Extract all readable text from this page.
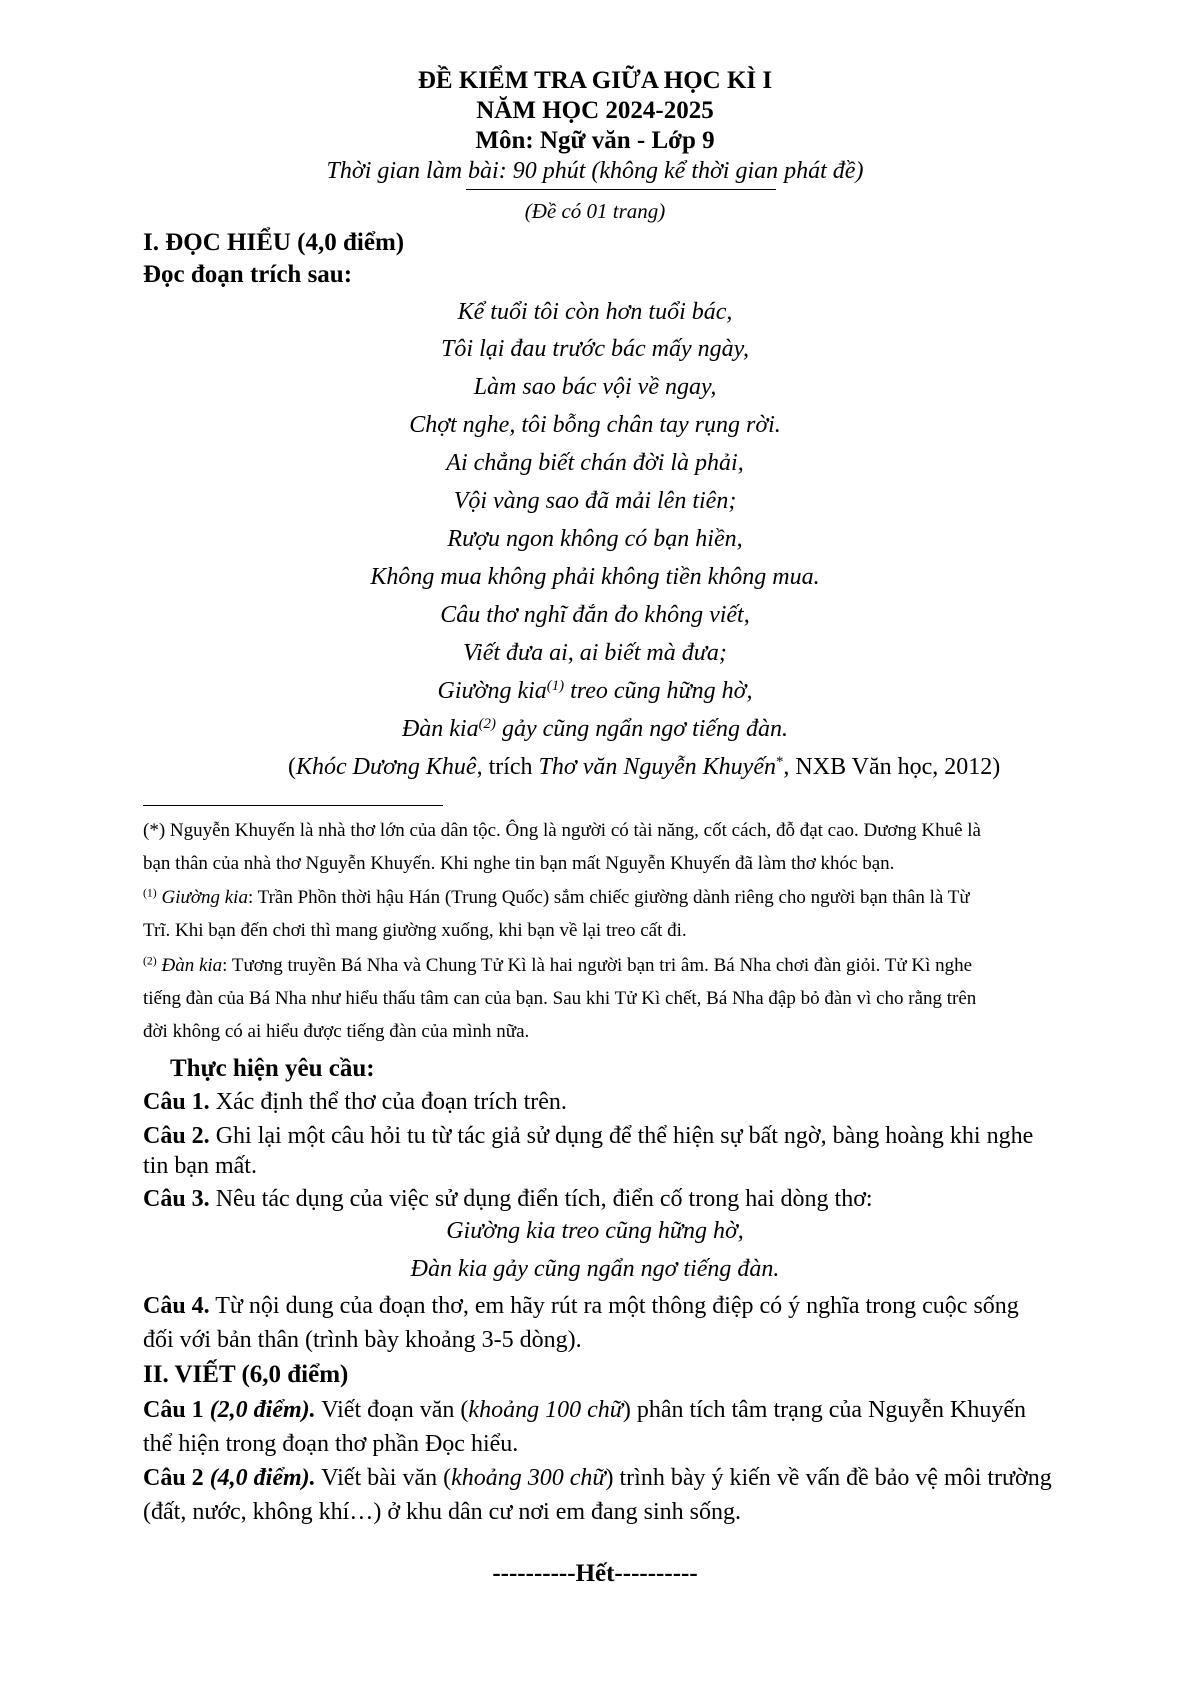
ĐỀ KIỂM TRA GIỮA HỌC KÌ I
NĂM HỌC 2024-2025
Môn: Ngữ văn - Lớp 9
Thời gian làm bài: 90 phút (không kể thời gian phát đề)
(Đề có 01 trang)
I. ĐỌC HIỂU (4,0 điểm)
Đọc đoạn trích sau:
Kể tuổi tôi còn hơn tuổi bác,
Tôi lại đau trước bác mấy ngày,
Làm sao bác vội về ngay,
Chợt nghe, tôi bỗng chân tay rụng rời.
Ai chẳng biết chán đời là phải,
Vội vàng sao đã mải lên tiên;
Rượu ngon không có bạn hiền,
Không mua không phải không tiền không mua.
Câu thơ nghĩ đắn đo không viết,
Viết đưa ai, ai biết mà đưa;
Giường kia$^{(1)}$ treo cũng hững hờ,
Đàn kia$^{(2)}$ gảy cũng ngẩn ngơ tiếng đàn.
(Khóc Dương Khuê, trích Thơ văn Nguyễn Khuyến*, NXB Văn học, 2012)
(*) Nguyễn Khuyến là nhà thơ lớn của dân tộc. Ông là người có tài năng, cốt cách, đỗ đạt cao. Dương Khuê là
bạn thân của nhà thơ Nguyễn Khuyến. Khi nghe tin bạn mất Nguyễn Khuyến đã làm thơ khóc bạn.
$^{(1)}$ Giường kia: Trần Phồn thời hậu Hán (Trung Quốc) sắm chiếc giường dành riêng cho người bạn thân là Từ
Trĩ. Khi bạn đến chơi thì mang giường xuống, khi bạn về lại treo cất đi.
$^{(2)}$ Đàn kia: Tương truyền Bá Nha và Chung Tử Kì là hai người bạn tri âm. Bá Nha chơi đàn giỏi. Tử Kì nghe
tiếng đàn của Bá Nha như hiểu thấu tâm can của bạn. Sau khi Tử Kì chết, Bá Nha đập bỏ đàn vì cho rằng trên
đời không có ai hiểu được tiếng đàn của mình nữa.
Thực hiện yêu cầu:
Câu 1. Xác định thể thơ của đoạn trích trên.
Câu 2. Ghi lại một câu hỏi tu từ tác giả sử dụng để thể hiện sự bất ngờ, bàng hoàng khi nghe
tin bạn mất.
Câu 3. Nêu tác dụng của việc sử dụng điển tích, điển cố trong hai dòng thơ:
Giường kia treo cũng hững hờ,
Đàn kia gảy cũng ngẩn ngơ tiếng đàn.
Câu 4. Từ nội dung của đoạn thơ, em hãy rút ra một thông điệp có ý nghĩa trong cuộc sống
đối với bản thân (trình bày khoảng 3-5 dòng).
II. VIẾT (6,0 điểm)
Câu 1 (2,0 điểm). Viết đoạn văn (khoảng 100 chữ) phân tích tâm trạng của Nguyễn Khuyến
thể hiện trong đoạn thơ phần Đọc hiểu.
Câu 2 (4,0 điểm). Viết bài văn (khoảng 300 chữ) trình bày ý kiến về vấn đề bảo vệ môi trường
(đất, nước, không khí…) ở khu dân cư nơi em đang sinh sống.
----------Hết----------
